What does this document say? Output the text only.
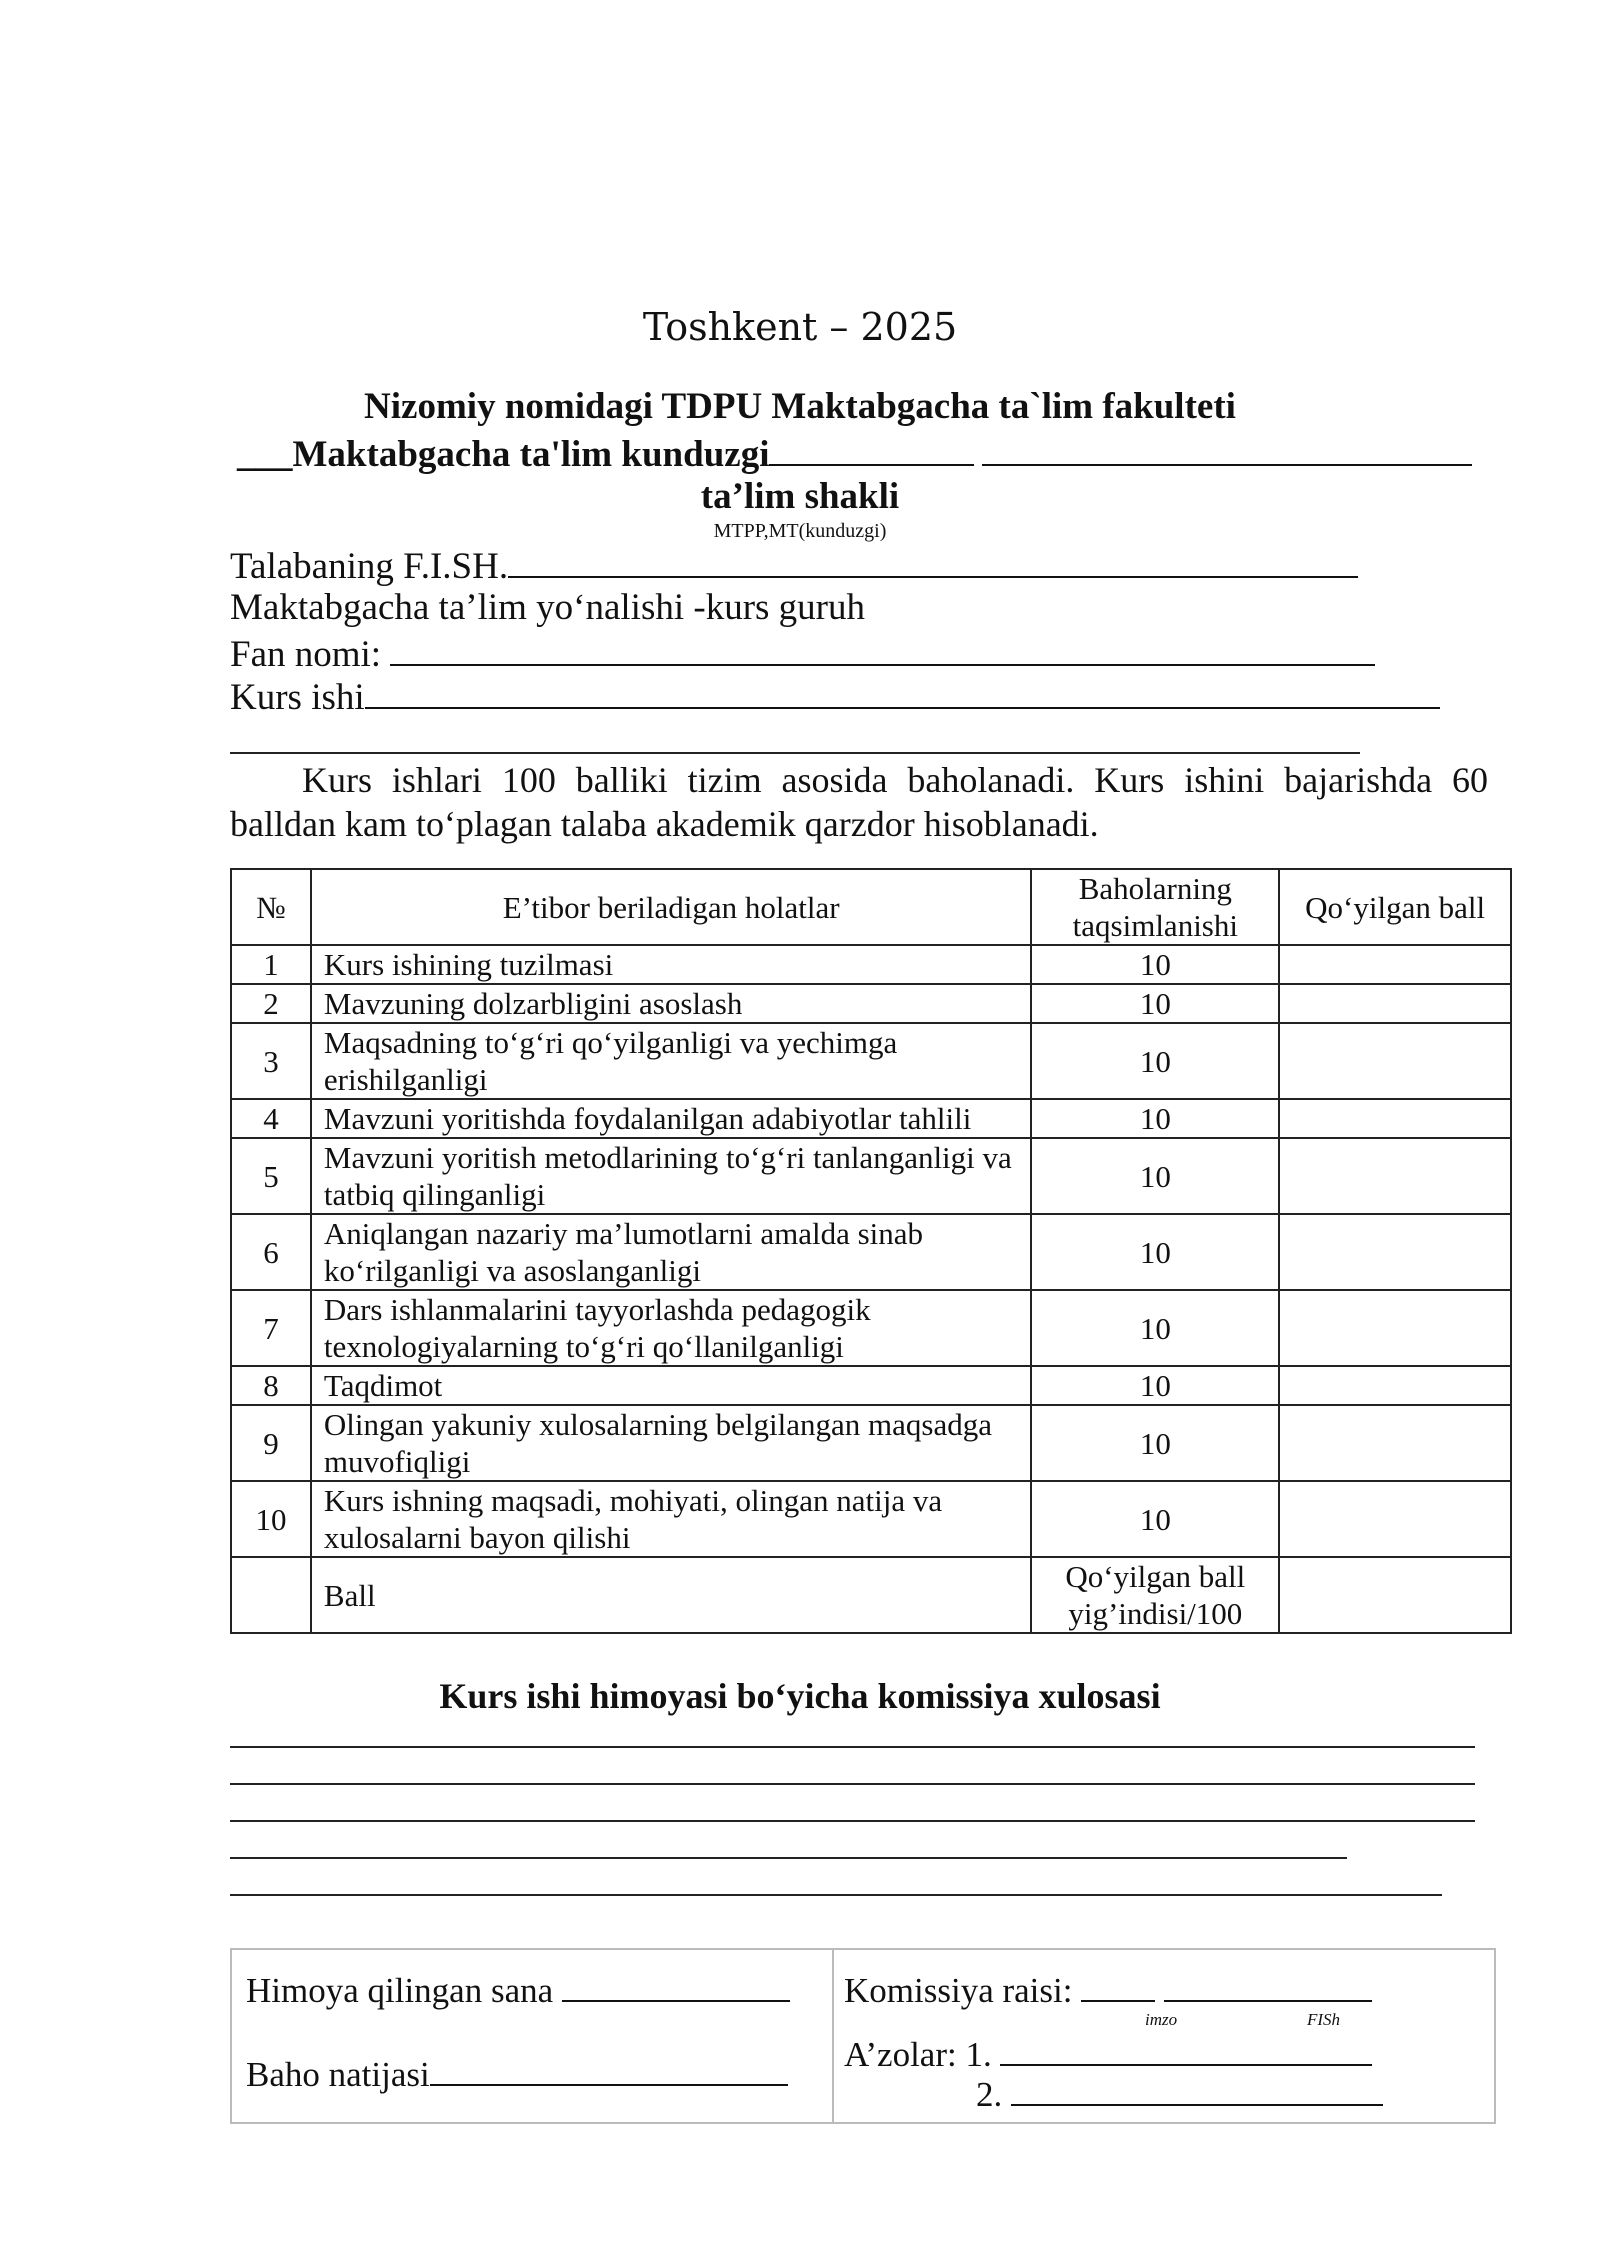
Toshkent – 2025
Nizomiy nomidagi TDPU Maktabgacha ta`lim fakulteti
___Maktabgacha ta'lim kunduzgi
ta’lim shakli
MTPP,MT(kunduzgi)
Talabaning F.I.SH.
Maktabgacha ta’lim yo‘nalishi -kurs guruh
Fan nomi:
Kurs ishi
Kurs ishlari 100 balliki tizim asosida baholanadi. Kurs ishini bajarishda 60 balldan kam to‘plagan talaba akademik qarzdor hisoblanadi.
№	E’tibor beriladigan holatlar	Baholarning taqsimlanishi	Qo‘yilgan ball
1	Kurs ishining tuzilmasi	10	
2	Mavzuning dolzarbligini asoslash	10	
3	Maqsadning to‘g‘ri qo‘yilganligi va yechimga erishilganligi	10	
4	Mavzuni yoritishda foydalanilgan adabiyotlar tahlili	10	
5	Mavzuni yoritish metodlarining to‘g‘ri tanlanganligi va tatbiq qilinganligi	10	
6	Aniqlangan nazariy ma’lumotlarni amalda sinab ko‘rilganligi va asoslanganligi	10	
7	Dars ishlanmalarini tayyorlashda pedagogik texnologiyalarning to‘g‘ri qo‘llanilganligi	10	
8	Taqdimot	10	
9	Olingan yakuniy xulosalarning belgilangan maqsadga muvofiqligi	10	
10	Kurs ishning maqsadi, mohiyati, olingan natija va xulosalarni bayon qilishi	10	
	Ball	Qo‘yilgan ball yig’indisi/100	
Kurs ishi himoyasi bo‘yicha komissiya xulosasi
Himoya qilingan sana
Baho natijasi
Komissiya raisi:
imzo	FISh
A’zolar: 1.
2.
